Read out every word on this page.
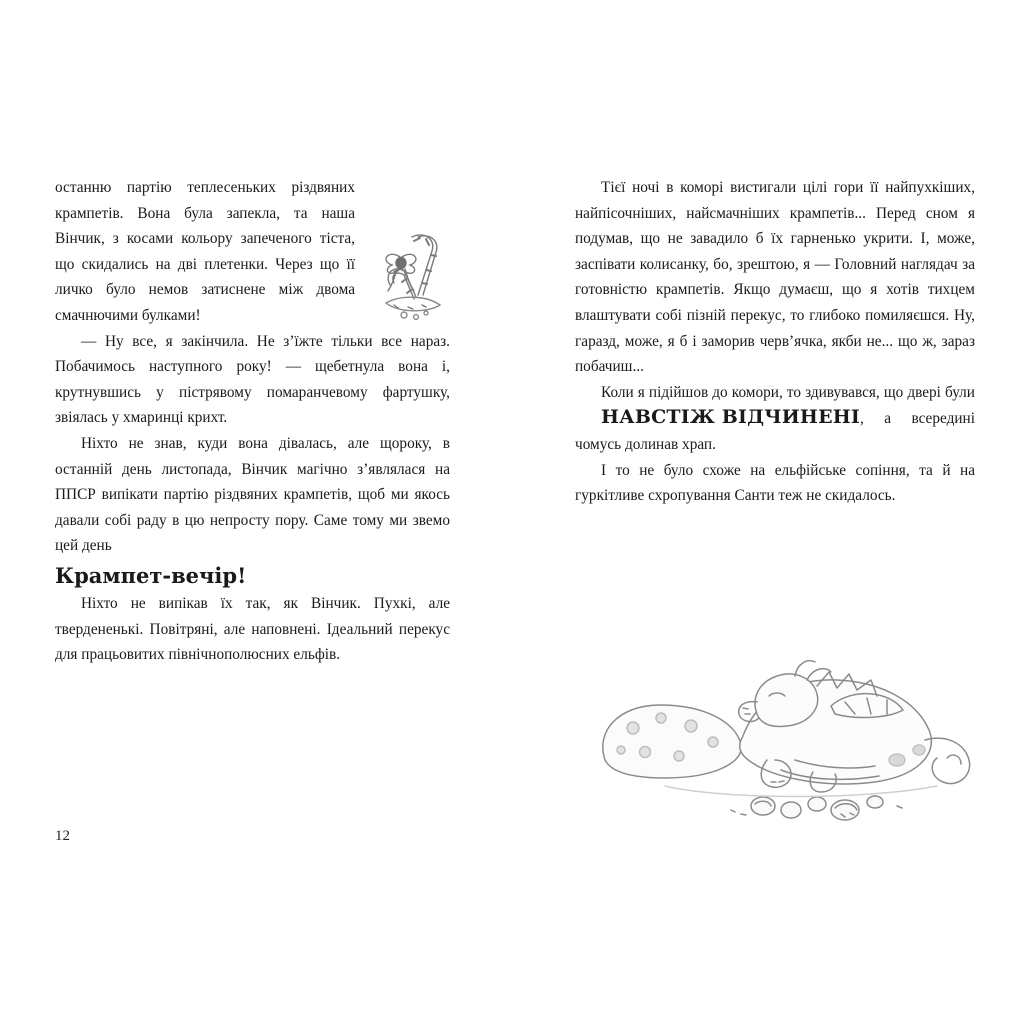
останню партію теплесеньких різдвяних крампетів. Вона була запекла, та наша Вінчик, з косами кольору запеченого тіста, що скидались на дві плетенки. Через що її личко було немов затиснене між двома смачнючими булками!

— Ну все, я закінчила. Не з’їжте тільки все нараз. Побачимось наступного року! — щебетнула вона і, крутнувшись у пістрявому помаранчевому фартушку, звіялась у хмаринці крихт.

Ніхто не знав, куди вона дівалась, але щороку, в останній день листопада, Вінчик магічно з’являлася на ППСР випікати партію різдвяних крампетів, щоб ми якось давали собі раду в цю непросту пору. Саме тому ми звемо цей день

Крампет-вечір!

Ніхто не випікав їх так, як Вінчик. Пухкі, але твердененькі. Повітряні, але наповнені. Ідеальний перекус для працьовитих північнополюсних ельфів.

12

Тієї ночі в коморі вистигали цілі гори її найпухкіших, найпісочніших, найсмачніших крампетів... Перед сном я подумав, що не завадило б їх гарненько укрити. І, може, заспівати колисанку, бо, зрештою, я — Головний наглядач за готовністю крампетів. Якщо думаєш, що я хотів тихцем влаштувати собі пізній перекус, то глибоко помиляєшся. Ну, гаразд, може, я б і заморив черв’ячка, якби не... що ж, зараз побачиш...

Коли я підійшов до комори, то здивувався, що двері були НАВСТІЖ ВІДЧИНЕНІ, а всередині чомусь долинав храп.

І то не було схоже на ельфійське сопіння, та й на гуркітливе схропування Санти теж не скидалось.
